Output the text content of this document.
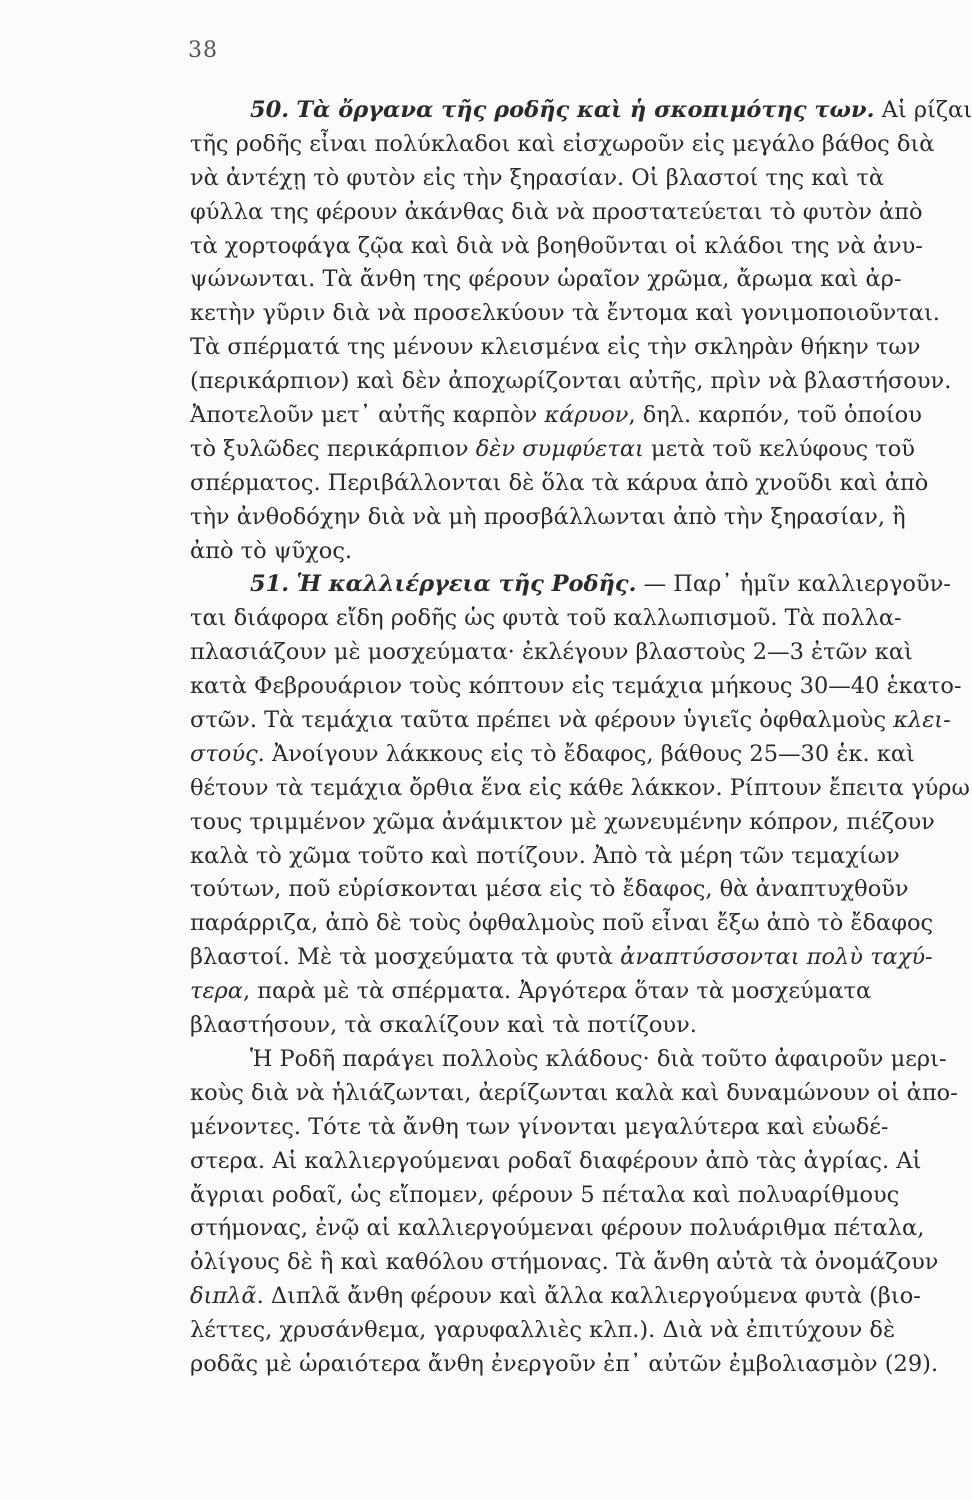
38
50. Τὰ ὄργανα τῆς ροδῆς καὶ ἡ σκοπιμότης των. Αἱ ρίζαι
τῆς ροδῆς εἶναι πολύκλαδοι καὶ εἰσχωροῦν εἰς μεγάλο βάθος διὰ
νὰ ἀντέχῃ τὸ φυτὸν εἰς τὴν ξηρασίαν. Οἱ βλαστοί της καὶ τὰ
φύλλα της φέρουν ἀκάνθας διὰ νὰ προστατεύεται τὸ φυτὸν ἀπὸ
τὰ χορτοφάγα ζῷα καὶ διὰ νὰ βοηθοῦνται οἱ κλάδοι της νὰ ἀνυ-
ψώνωνται. Τὰ ἄνθη της φέρουν ὡραῖον χρῶμα, ἄρωμα καὶ ἀρ-
κετὴν γῦριν διὰ νὰ προσελκύουν τὰ ἔντομα καὶ γονιμοποιοῦνται.
Τὰ σπέρματά της μένουν κλεισμένα εἰς τὴν σκληρὰν θήκην των
(περικάρπιον) καὶ δὲν ἀποχωρίζονται αὐτῆς, πρὶν νὰ βλαστήσουν.
Ἀποτελοῦν μετ᾽ αὐτῆς καρπὸν κάρυον, δηλ. καρπόν, τοῦ ὁποίου
τὸ ξυλῶδες περικάρπιον δὲν συμφύεται μετὰ τοῦ κελύφους τοῦ
σπέρματος. Περιβάλλονται δὲ ὅλα τὰ κάρυα ἀπὸ χνοῦδι καὶ ἀπὸ
τὴν ἀνθοδόχην διὰ νὰ μὴ προσβάλλωνται ἀπὸ τὴν ξηρασίαν, ἢ
ἀπὸ τὸ ψῦχος.
51. Ἡ καλλιέργεια τῆς Ροδῆς. — Παρ᾽ ἡμῖν καλλιεργοῦν-
ται διάφορα εἴδη ροδῆς ὡς φυτὰ τοῦ καλλωπισμοῦ. Τὰ πολλα-
πλασιάζουν μὲ μοσχεύματα· ἐκλέγουν βλαστοὺς 2—3 ἐτῶν καὶ
κατὰ Φεβρουάριον τοὺς κόπτουν εἰς τεμάχια μήκους 30—40 ἑκατο-
στῶν. Τὰ τεμάχια ταῦτα πρέπει νὰ φέρουν ὑγιεῖς ὀφθαλμοὺς κλει-
στούς. Ἀνοίγουν λάκκους εἰς τὸ ἔδαφος, βάθους 25—30 ἑκ. καὶ
θέτουν τὰ τεμάχια ὄρθια ἕνα εἰς κάθε λάκκον. Ρίπτουν ἔπειτα γύρω
τους τριμμένον χῶμα ἀνάμικτον μὲ χωνευμένην κόπρον, πιέζουν
καλὰ τὸ χῶμα τοῦτο καὶ ποτίζουν. Ἀπὸ τὰ μέρη τῶν τεμαχίων
τούτων, ποῦ εὑρίσκονται μέσα εἰς τὸ ἔδαφος, θὰ ἀναπτυχθοῦν
παράρριζα, ἀπὸ δὲ τοὺς ὀφθαλμοὺς ποῦ εἶναι ἔξω ἀπὸ τὸ ἔδαφος
βλαστοί. Μὲ τὰ μοσχεύματα τὰ φυτὰ ἀναπτύσσονται πολὺ ταχύ-
τερα, παρὰ μὲ τὰ σπέρματα. Ἀργότερα ὅταν τὰ μοσχεύματα
βλαστήσουν, τὰ σκαλίζουν καὶ τὰ ποτίζουν.
Ἡ Ροδῆ παράγει πολλοὺς κλάδους· διὰ τοῦτο ἀφαιροῦν μερι-
κοὺς διὰ νὰ ἡλιάζωνται, ἀερίζωνται καλὰ καὶ δυναμώνουν οἱ ἀπο-
μένοντες. Τότε τὰ ἄνθη των γίνονται μεγαλύτερα καὶ εὐωδέ-
στερα. Αἱ καλλιεργούμεναι ροδαῖ διαφέρουν ἀπὸ τὰς ἀγρίας. Αἱ
ἄγριαι ροδαῖ, ὡς εἴπομεν, φέρουν 5 πέταλα καὶ πολυαρίθμους
στήμονας, ἐνῷ αἱ καλλιεργούμεναι φέρουν πολυάριθμα πέταλα,
ὀλίγους δὲ ἢ καὶ καθόλου στήμονας. Τὰ ἄνθη αὐτὰ τὰ ὀνομάζουν
διπλᾶ. Διπλᾶ ἄνθη φέρουν καὶ ἄλλα καλλιεργούμενα φυτὰ (βιο-
λέττες, χρυσάνθεμα, γαρυφαλλιὲς κλπ.). Διὰ νὰ ἐπιτύχουν δὲ
ροδᾶς μὲ ὡραιότερα ἄνθη ἐνεργοῦν ἐπ᾽ αὐτῶν ἐμβολιασμὸν (29).
